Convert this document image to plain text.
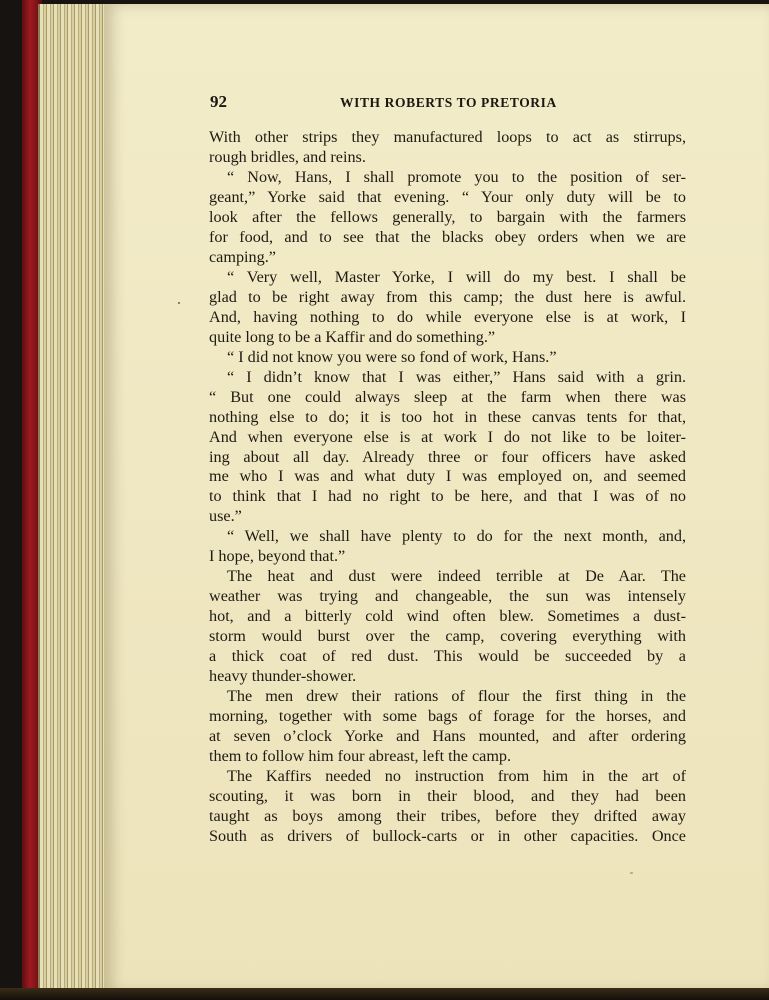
92	WITH ROBERTS TO PRETORIA
With other strips they manufactured loops to act as stirrups,
rough bridles, and reins.
“ Now, Hans, I shall promote you to the position of ser-
geant,” Yorke said that evening. “ Your only duty will be to
look after the fellows generally, to bargain with the farmers
for food, and to see that the blacks obey orders when we are
camping.”
“ Very well, Master Yorke, I will do my best. I shall be
glad to be right away from this camp; the dust here is awful.
And, having nothing to do while everyone else is at work, I
quite long to be a Kaffir and do something.”
“ I did not know you were so fond of work, Hans.”
“ I didn’t know that I was either,” Hans said with a grin.
“ But one could always sleep at the farm when there was
nothing else to do; it is too hot in these canvas tents for that,
And when everyone else is at work I do not like to be loiter-
ing about all day. Already three or four officers have asked
me who I was and what duty I was employed on, and seemed
to think that I had no right to be here, and that I was of no
use.”
“ Well, we shall have plenty to do for the next month, and,
I hope, beyond that.”
The heat and dust were indeed terrible at De Aar. The
weather was trying and changeable, the sun was intensely
hot, and a bitterly cold wind often blew. Sometimes a dust-
storm would burst over the camp, covering everything with
a thick coat of red dust. This would be succeeded by a
heavy thunder-shower.
The men drew their rations of flour the first thing in the
morning, together with some bags of forage for the horses, and
at seven o’clock Yorke and Hans mounted, and after ordering
them to follow him four abreast, left the camp.
The Kaffirs needed no instruction from him in the art of
scouting, it was born in their blood, and they had been
taught as boys among their tribes, before they drifted away
South as drivers of bullock-carts or in other capacities. Once
